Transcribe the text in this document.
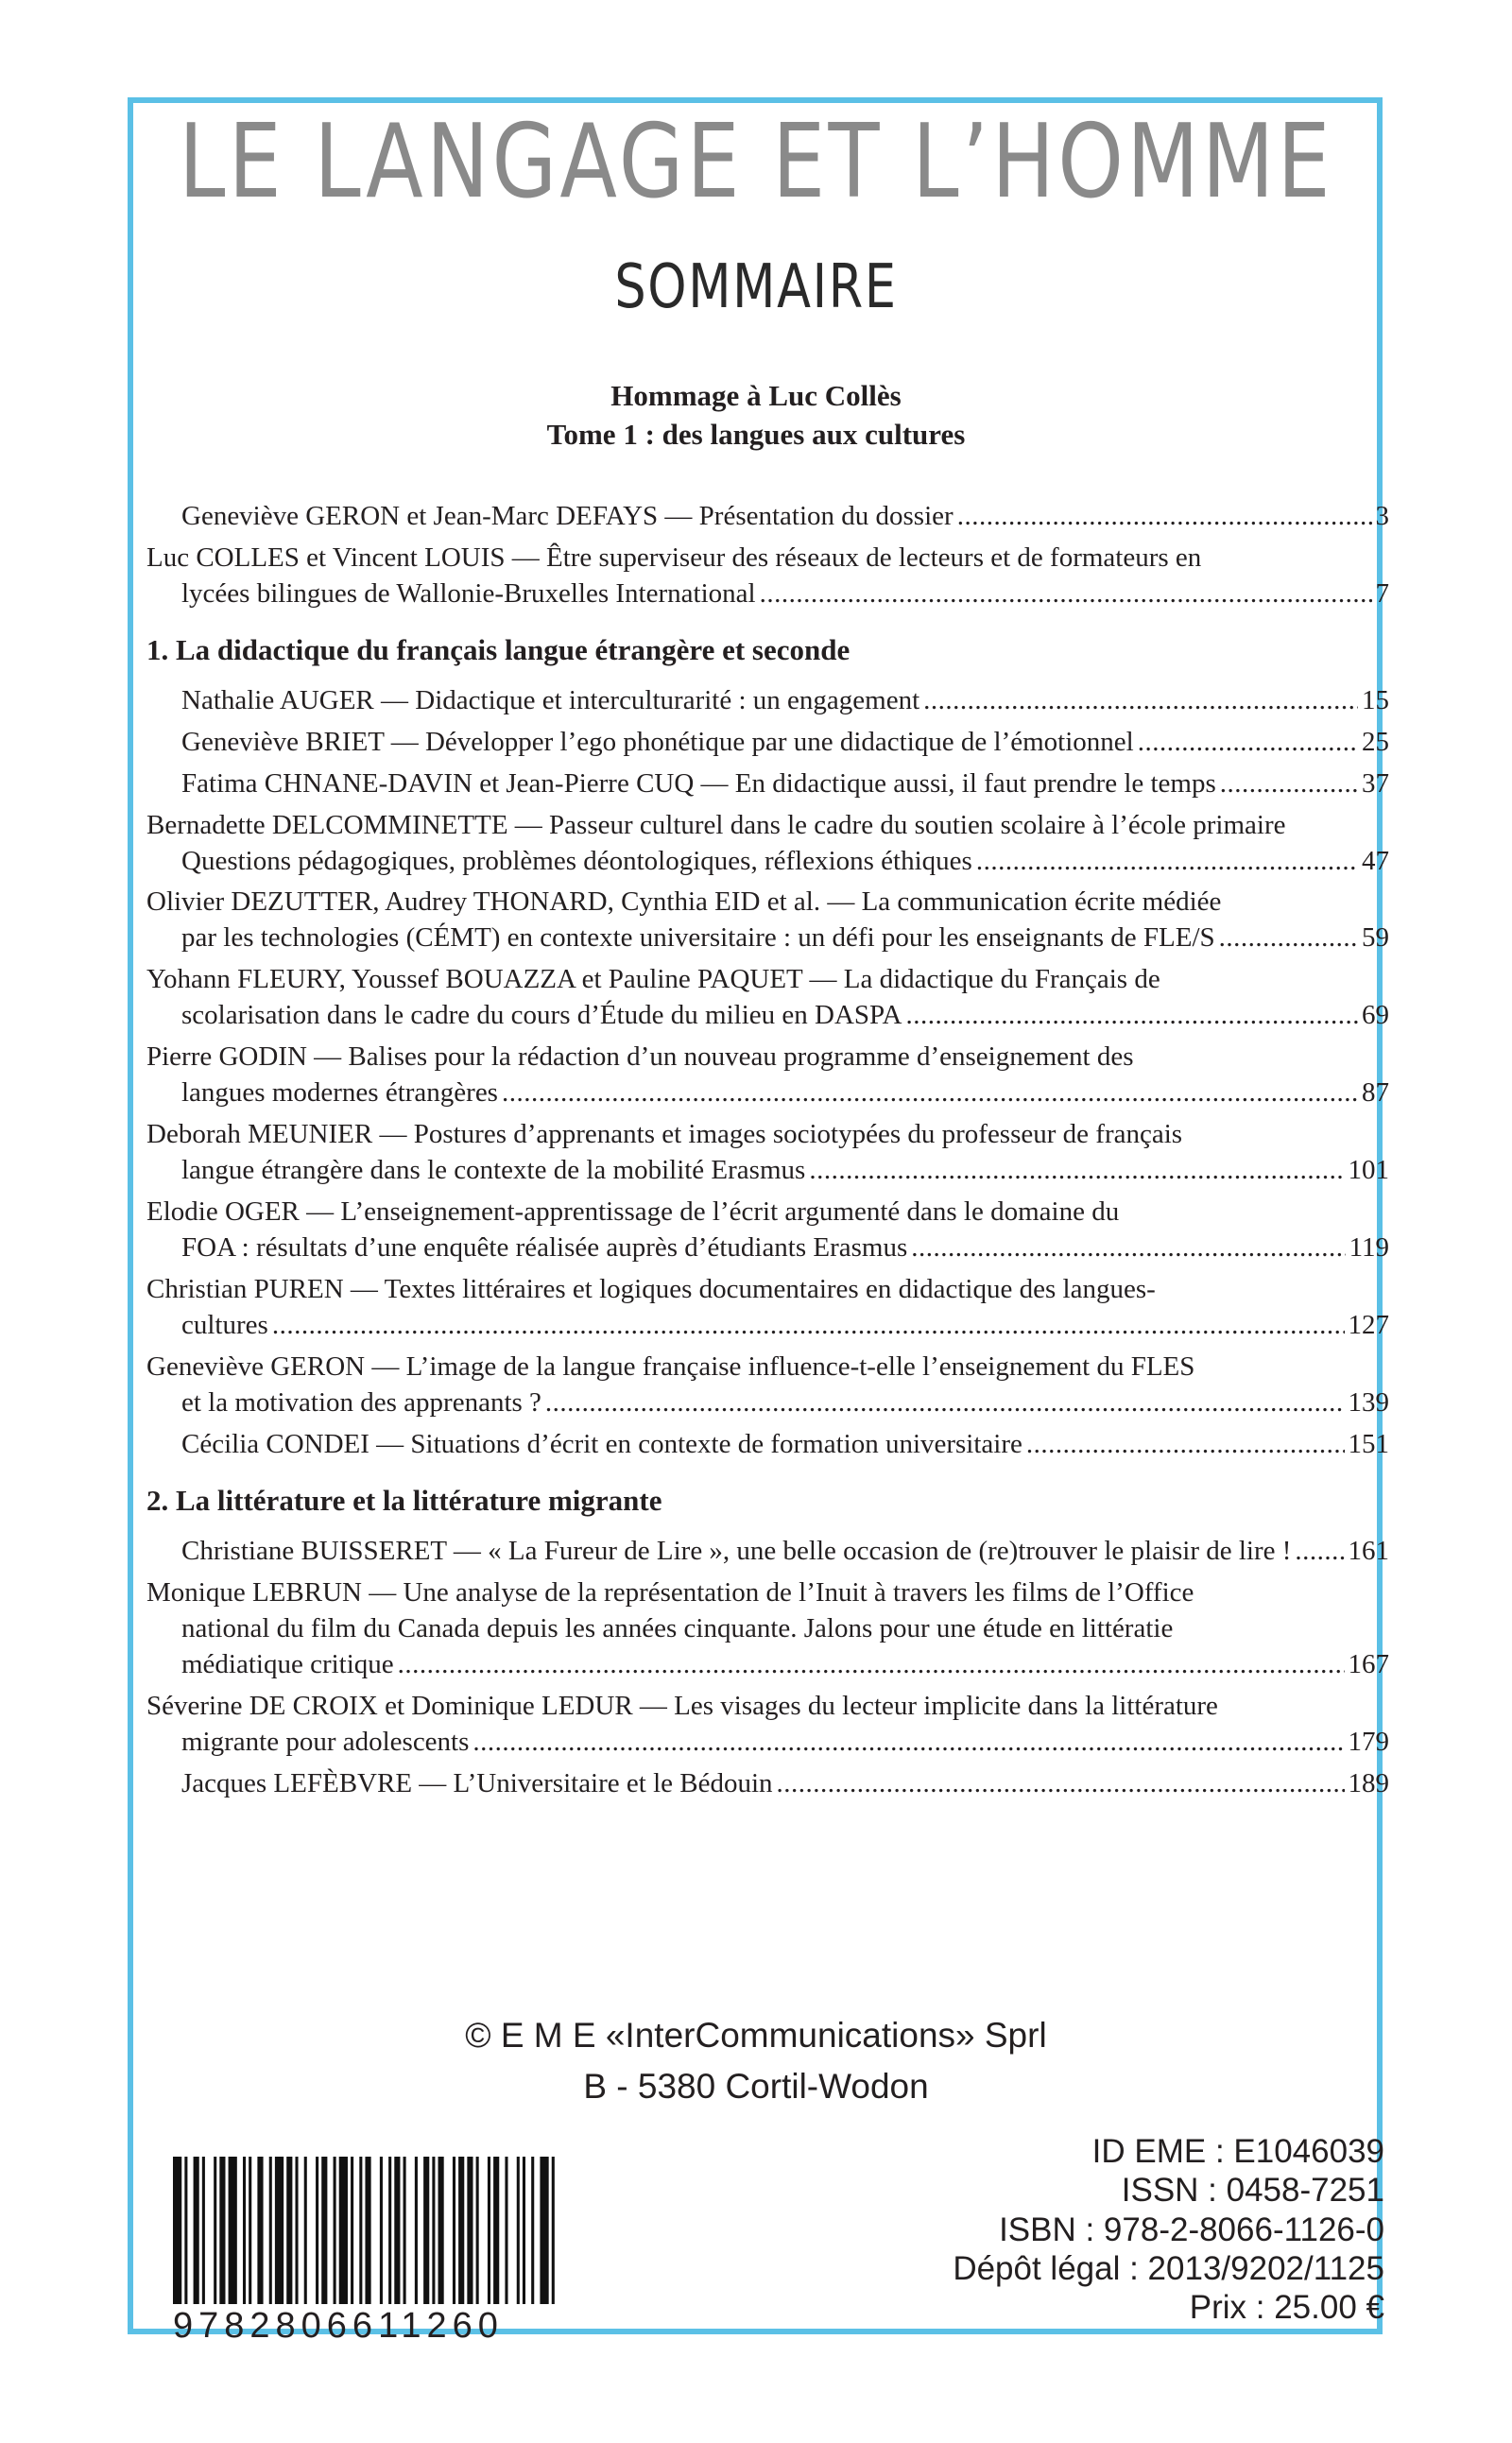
LE LANGAGE ET L’HOMME
SOMMAIRE
Hommage à Luc Collès
Tome 1 : des langues aux cultures
Geneviève GERON et Jean-Marc DEFAYS — Présentation du dossier .....	3
Luc COLLES et Vincent LOUIS — Être superviseur des réseaux de lecteurs et de formateurs en
lycées bilingues de Wallonie-Bruxelles International .....	7
1. La didactique du français langue étrangère et seconde
Nathalie AUGER — Didactique et interculturarité : un engagement .....	15
Geneviève BRIET — Développer l’ego phonétique par une didactique de l’émotionnel .....	25
Fatima CHNANE-DAVIN et Jean-Pierre CUQ — En didactique aussi, il faut prendre le temps .....	37
Bernadette DELCOMMINETTE — Passeur culturel dans le cadre du soutien scolaire à l’école primaire
Questions pédagogiques, problèmes déontologiques, réflexions éthiques .....	47
Olivier DEZUTTER, Audrey THONARD, Cynthia EID et al. — La communication écrite médiée
par les technologies (CÉMT) en contexte universitaire : un défi pour les enseignants de FLE/S .....	59
Yohann FLEURY, Youssef BOUAZZA et Pauline PAQUET — La didactique du Français de
scolarisation dans le cadre du cours d’Étude du milieu en DASPA .....	69
Pierre GODIN — Balises pour la rédaction d’un nouveau programme d’enseignement des
langues modernes étrangères .....	87
Deborah MEUNIER — Postures d’apprenants et images sociotypées du professeur de français
langue étrangère dans le contexte de la mobilité Erasmus .....	101
Elodie OGER — L’enseignement-apprentissage de l’écrit argumenté dans le domaine du
FOA : résultats d’une enquête réalisée auprès d’étudiants Erasmus .....	119
Christian PUREN — Textes littéraires et logiques documentaires en didactique des langues-
cultures .....	127
Geneviève GERON — L’image de la langue française influence-t-elle l’enseignement du FLES
et la motivation des apprenants ? .....	139
Cécilia CONDEI — Situations d’écrit en contexte de formation universitaire .....	151
2. La littérature et la littérature migrante
Christiane BUISSERET — « La Fureur de Lire », une belle occasion de (re)trouver le plaisir de lire ! ..... 161
Monique LEBRUN — Une analyse de la représentation de l’Inuit à travers les films de l’Office
national du film du Canada depuis les années cinquante. Jalons pour une étude en littératie
médiatique critique .....	167
Séverine DE CROIX et Dominique LEDUR — Les visages du lecteur implicite dans la littérature
migrante pour adolescents .....	179
Jacques LEFÈBVRE — L’Universitaire et le Bédouin .....	189
© E M E «InterCommunications» Sprl
B - 5380 Cortil-Wodon
ID EME : E1046039
ISSN : 0458-7251
ISBN : 978-2-8066-1126-0
Dépôt légal : 2013/9202/1125
Prix : 25.00 €
9782806611260
